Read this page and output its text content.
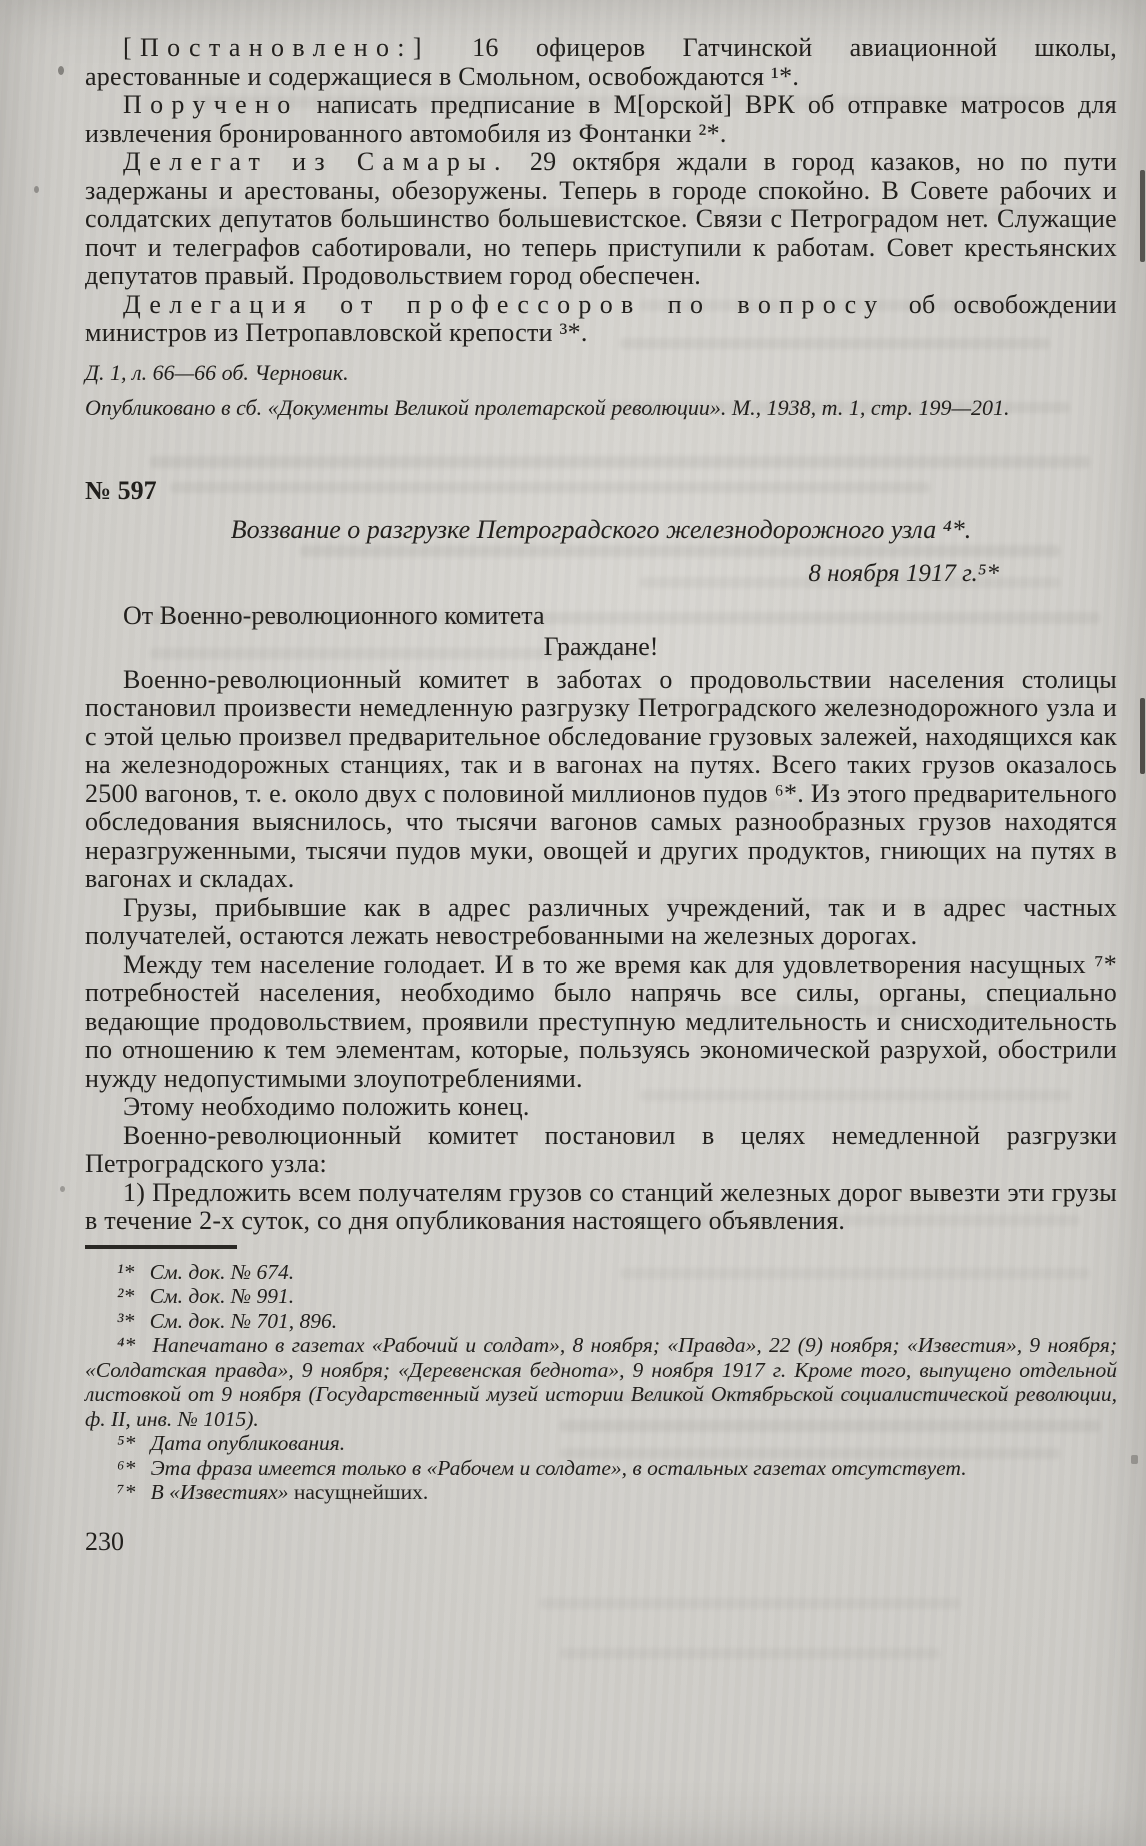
[Постановлено:] 16 офицеров Гатчинской авиационной школы, арестованные и содержащиеся в Смольном, освобождаются ¹*.

Поручено написать предписание в М[орской] ВРК об отправке матросов для извлечения бронированного автомобиля из Фонтанки ²*.

Делегат из Самары. 29 октября ждали в город казаков, но по пути задержаны и арестованы, обезоружены. Теперь в городе спокойно. В Совете рабочих и солдатских депутатов большинство большевистское. Связи с Петроградом нет. Служащие почт и телеграфов саботировали, но теперь приступили к работам. Совет крестьянских депутатов правый. Продовольствием город обеспечен.

Делегация от профессоров по вопросу об освобождении министров из Петропавловской крепости ³*.

Д. 1, л. 66—66 об. Черновик.

Опубликовано в сб. «Документы Великой пролетарской революции». М., 1938, т. 1, стр. 199—201.

№ 597
Воззвание о разгрузке Петроградского железнодорожного узла ⁴*.
8 ноября 1917 г.⁵*
От Военно-революционного комитета
Граждане!

Военно-революционный комитет в заботах о продовольствии населения столицы постановил произвести немедленную разгрузку Петроградского железнодорожного узла и с этой целью произвел предварительное обследование грузовых залежей, находящихся как на железнодорожных станциях, так и в вагонах на путях. Всего таких грузов оказалось 2500 вагонов, т. е. около двух с половиной миллионов пудов ⁶*. Из этого предварительного обследования выяснилось, что тысячи вагонов самых разнообразных грузов находятся неразгруженными, тысячи пудов муки, овощей и других продуктов, гниющих на путях в вагонах и складах.

Грузы, прибывшие как в адрес различных учреждений, так и в адрес частных получателей, остаются лежать невостребованными на железных дорогах.

Между тем население голодает. И в то же время как для удовлетворения насущных ⁷* потребностей населения, необходимо было напрячь все силы, органы, специально ведающие продовольствием, проявили преступную медлительность и снисходительность по отношению к тем элементам, которые, пользуясь экономической разрухой, обострили нужду недопустимыми злоупотреблениями.

Этому необходимо положить конец.

Военно-революционный комитет постановил в целях немедленной разгрузки Петроградского узла:

1) Предложить всем получателям грузов со станций железных дорог вывезти эти грузы в течение 2-х суток, со дня опубликования настоящего объявления.

¹* См. док. № 674.

²* См. док. № 991.

³* См. док. № 701, 896.

⁴* Напечатано в газетах «Рабочий и солдат», 8 ноября; «Правда», 22 (9) ноября; «Известия», 9 ноября; «Солдатская правда», 9 ноября; «Деревенская беднота», 9 ноября 1917 г. Кроме того, выпущено отдельной листовкой от 9 ноября (Государственный музей истории Великой Октябрьской социалистической революции, ф. II, инв. № 1015).

⁵* Дата опубликования.

⁶* Эта фраза имеется только в «Рабочем и солдате», в остальных газетах отсутствует.

⁷* В «Известиях» насущнейших.

230
